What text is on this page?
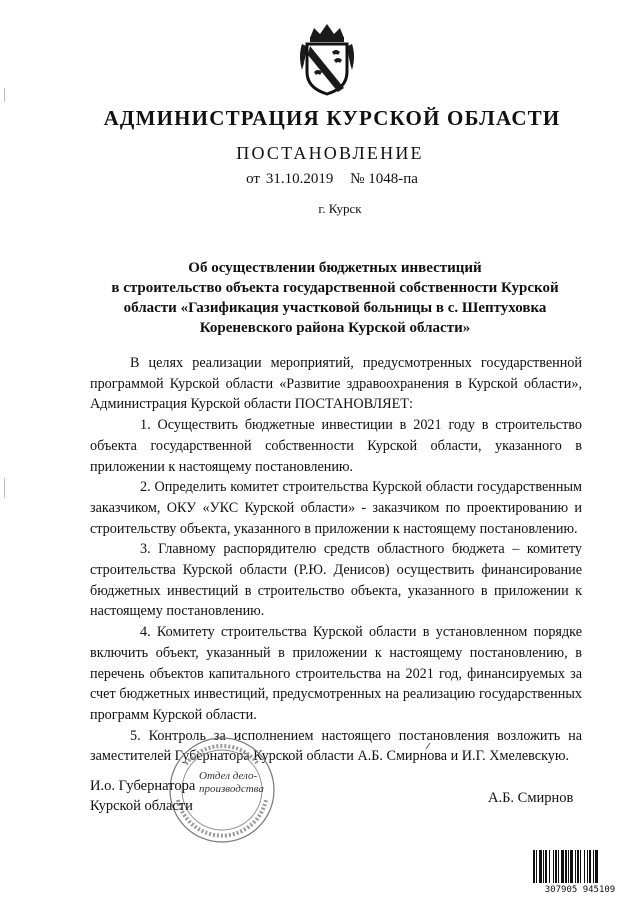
АДМИНИСТРАЦИЯ КУРСКОЙ ОБЛАСТИ
ПОСТАНОВЛЕНИЕ
от 31.10.2019 № 1048-па
г. Курск
Об осуществлении бюджетных инвестиций
в строительство объекта государственной собственности Курской
области «Газификация участковой больницы в с. Шептуховка
Кореневского района Курской области»

В целях реализации мероприятий, предусмотренных государственной программой Курской области «Развитие здравоохранения в Курской области», Администрация Курской области ПОСТАНОВЛЯЕТ:

1. Осуществить бюджетные инвестиции в 2021 году в строительство объекта государственной собственности Курской области, указанного в приложении к настоящему постановлению.

2. Определить комитет строительства Курской области государственным заказчиком, ОКУ «УКС Курской области» - заказчиком по проектированию и строительству объекта, указанного в приложении к настоящему постановлению.

3. Главному распорядителю средств областного бюджета – комитету строительства Курской области (Р.Ю. Денисов) осуществить финансирование бюджетных инвестиций в строительство объекта, указанного в приложении к настоящему постановлению.

4. Комитету строительства Курской области в установленном порядке включить объект, указанный в приложении к настоящему постановлению, в перечень объектов капитального строительства на 2021 год, финансируемых за счет бюджетных инвестиций, предусмотренных на реализацию государственных программ Курской области.

5. Контроль за исполнением настоящего постановления возложить на заместителей Губернатора Курской области А.Б. Смирнова и И.Г. Хмелевскую.

Отдел дело-производства
И.о. Губернатора
Курской области	А.Б. Смирнов
307905 945109
